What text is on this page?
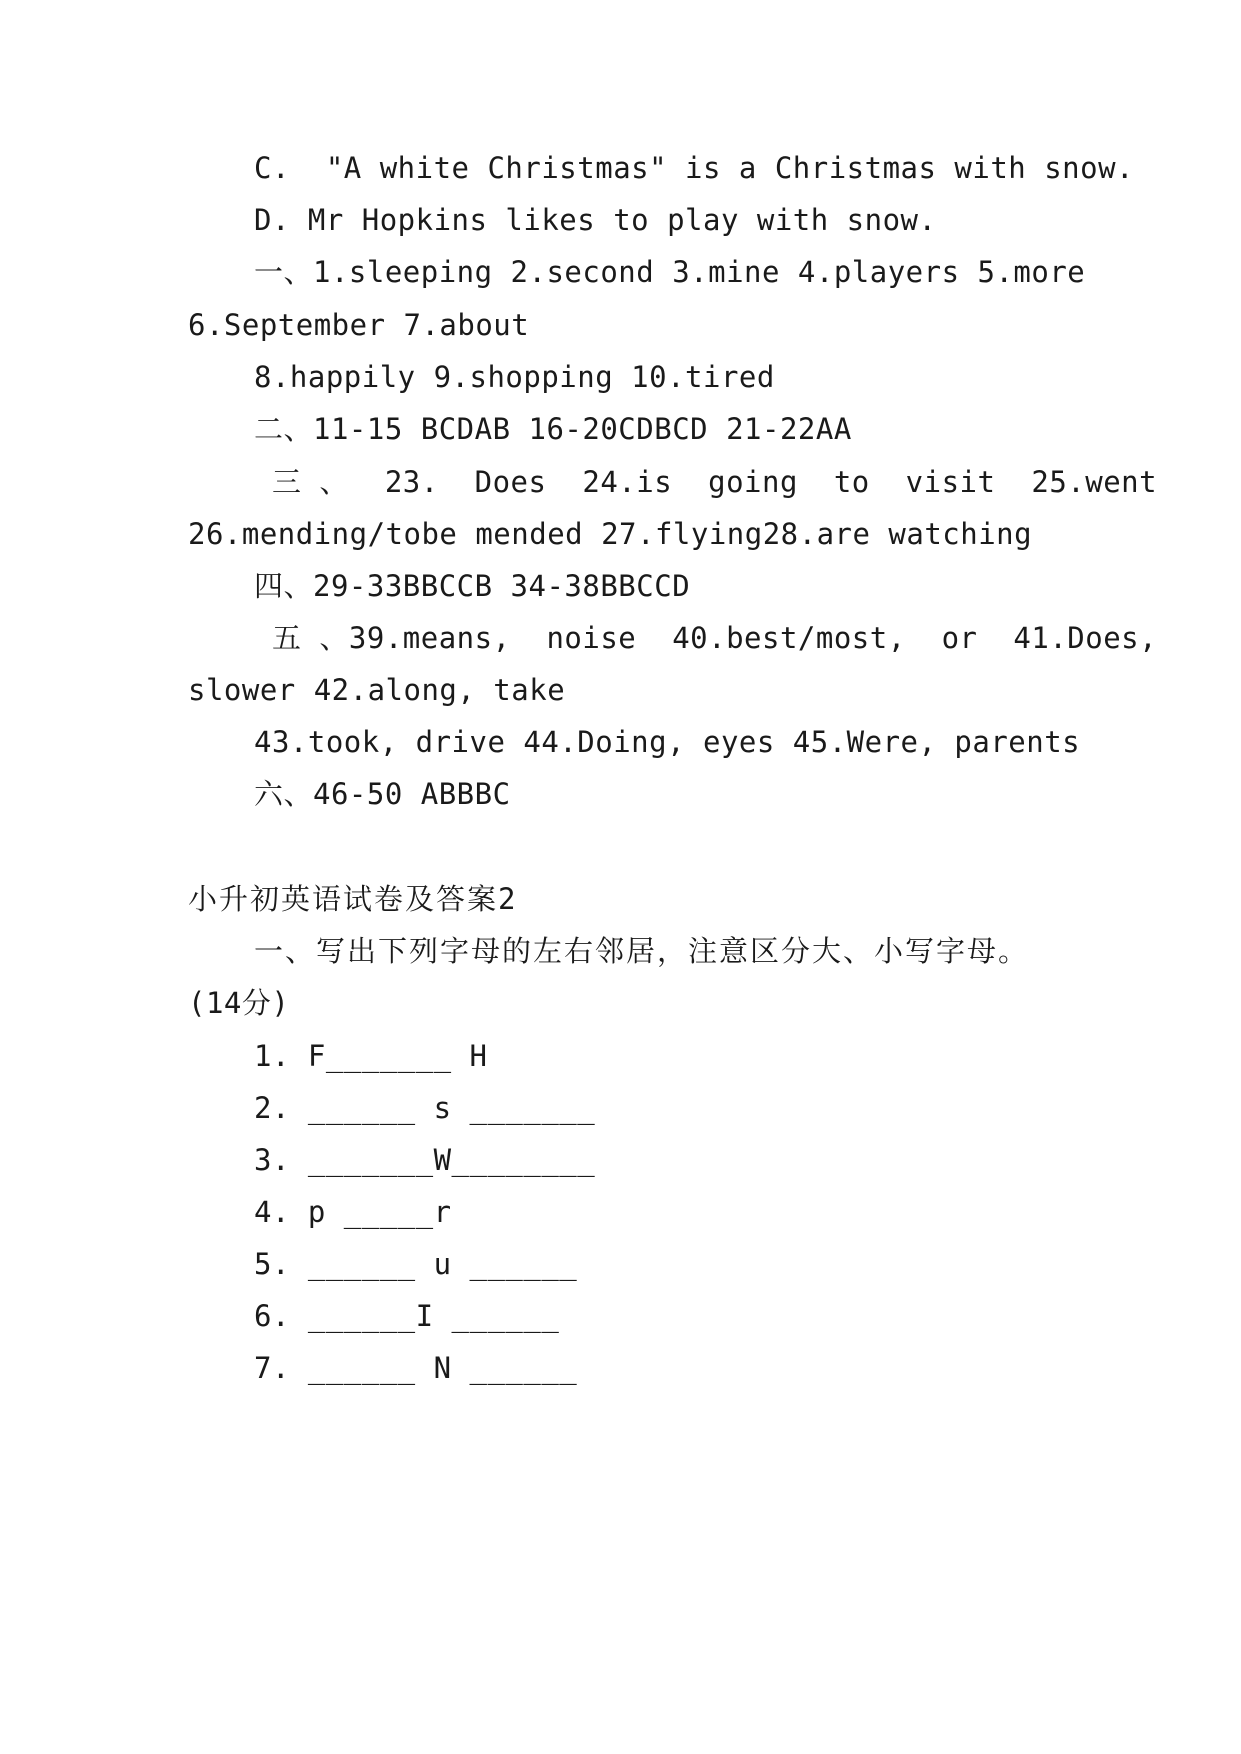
C.  "A white Christmas" is a Christmas with snow.
D. Mr Hopkins likes to play with snow.
一、1.sleeping 2.second 3.mine 4.players 5.more
6.September 7.about
8.happily 9.shopping 10.tired
二、11-15 BCDAB 16-20CDBCD 21-22AA
三 、  23.  Does  24.is  going  to  visit  25.went
26.mending/tobe mended 27.flying28.are watching
四、29-33BBCCB 34-38BBCCD
五 、39.means,  noise  40.best/most,  or  41.Does,
slower 42.along, take
43.took, drive 44.Doing, eyes 45.Were, parents
六、46-50 ABBBC
小升初英语试卷及答案2
一、写出下列字母的左右邻居，注意区分大、小写字母。
(14分)
1. F_______ H
2. ______ s _______
3. _______W________
4. p _____r
5. ______ u ______
6. ______I ______
7. ______ N ______
